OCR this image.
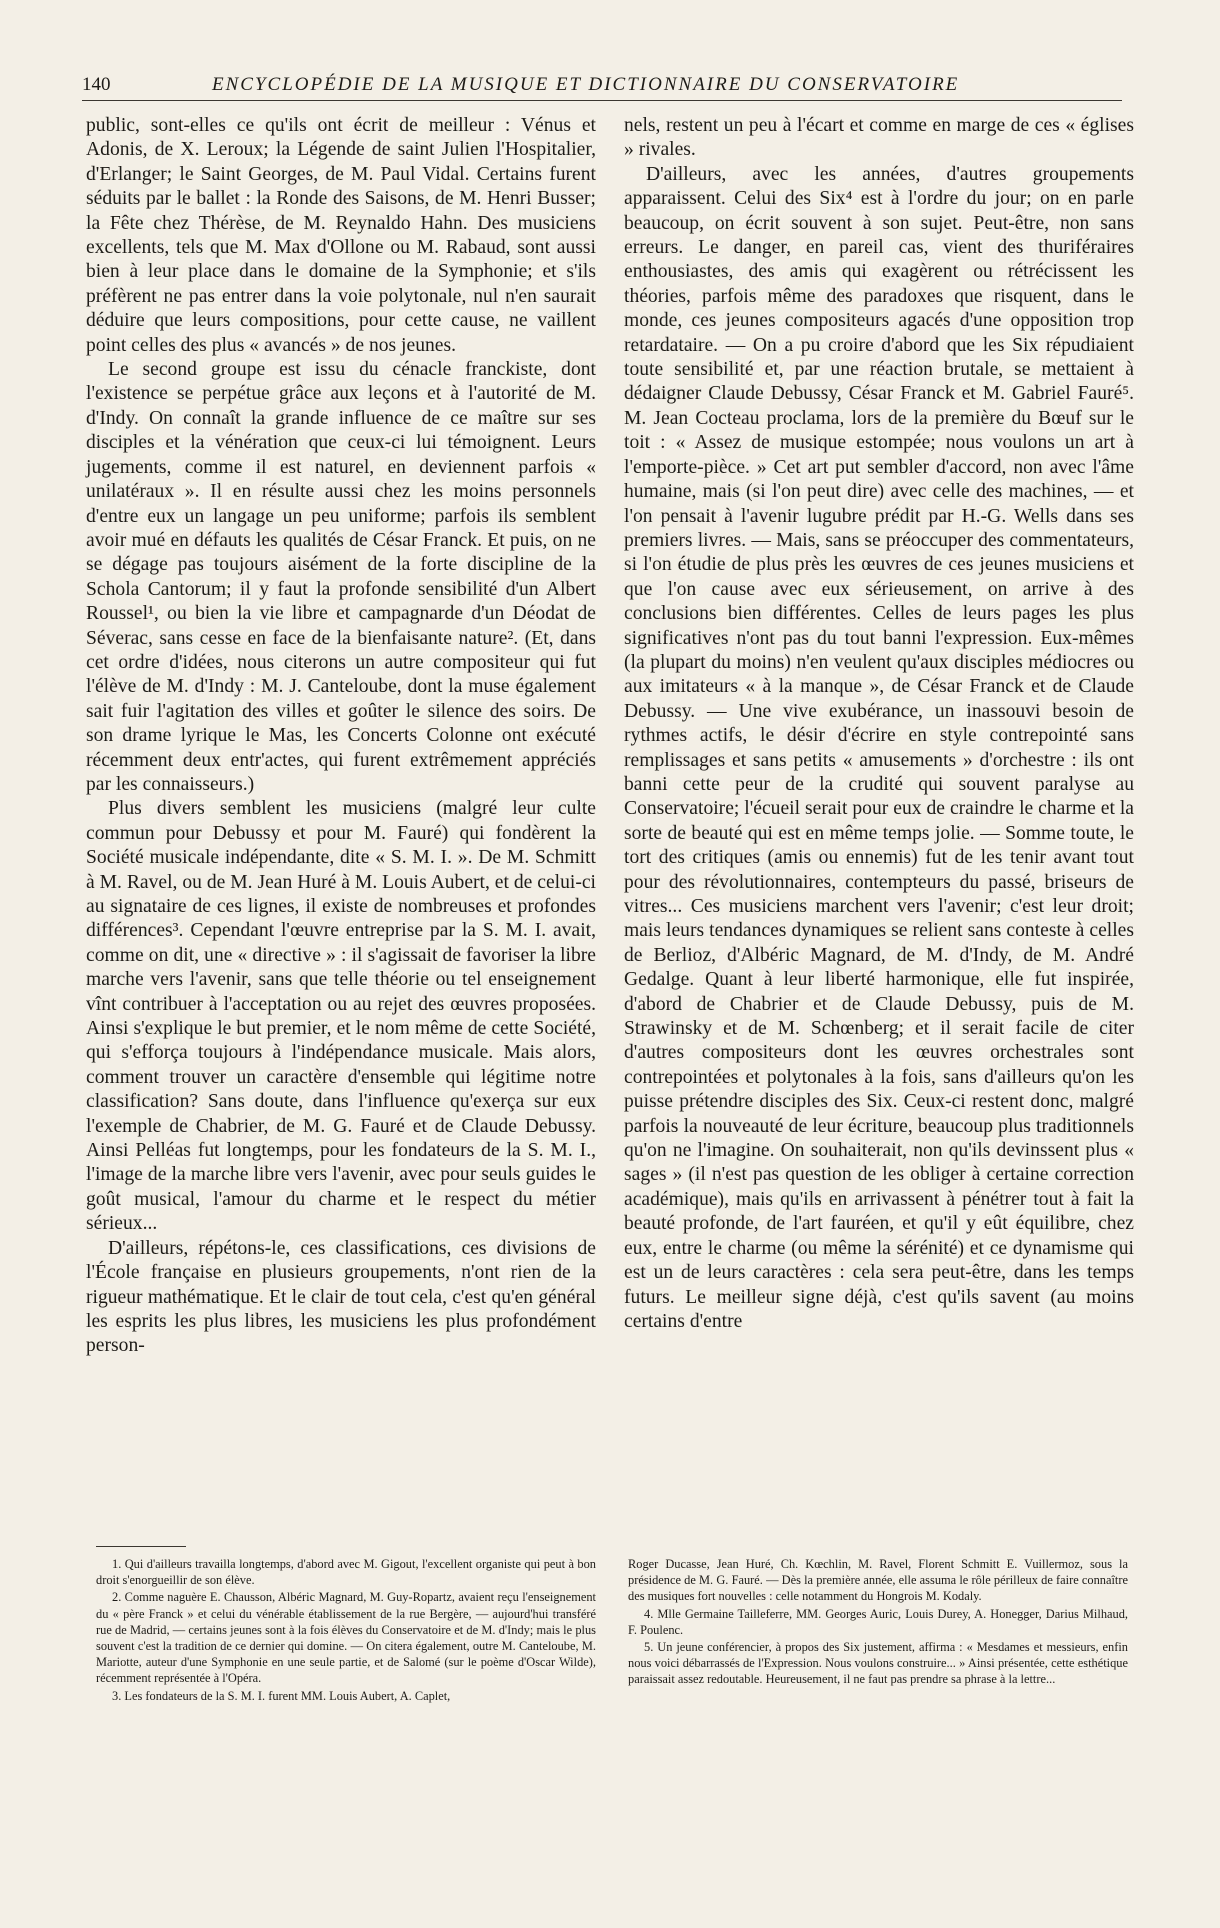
140	ENCYCLOPÉDIE DE LA MUSIQUE ET DICTIONNAIRE DU CONSERVATOIRE

public, sont-elles ce qu'ils ont écrit de meilleur : Vénus et Adonis, de X. Leroux; la Légende de saint Julien l'Hospitalier, d'Erlanger; le Saint Georges, de M. Paul Vidal. Certains furent séduits par le ballet : la Ronde des Saisons, de M. Henri Busser; la Fête chez Thérèse, de M. Reynaldo Hahn. Des musiciens excellents, tels que M. Max d'Ollone ou M. Rabaud, sont aussi bien à leur place dans le domaine de la Symphonie; et s'ils préfèrent ne pas entrer dans la voie polytonale, nul n'en saurait déduire que leurs compositions, pour cette cause, ne vaillent point celles des plus « avancés » de nos jeunes.

Le second groupe est issu du cénacle franckiste, dont l'existence se perpétue grâce aux leçons et à l'autorité de M. d'Indy. On connaît la grande influence de ce maître sur ses disciples et la vénération que ceux-ci lui témoignent. Leurs jugements, comme il est naturel, en deviennent parfois « unilatéraux ». Il en résulte aussi chez les moins personnels d'entre eux un langage un peu uniforme; parfois ils semblent avoir mué en défauts les qualités de César Franck. Et puis, on ne se dégage pas toujours aisément de la forte discipline de la Schola Cantorum; il y faut la profonde sensibilité d'un Albert Roussel¹, ou bien la vie libre et campagnarde d'un Déodat de Séverac, sans cesse en face de la bienfaisante nature². (Et, dans cet ordre d'idées, nous citerons un autre compositeur qui fut l'élève de M. d'Indy : M. J. Canteloube, dont la muse également sait fuir l'agitation des villes et goûter le silence des soirs. De son drame lyrique le Mas, les Concerts Colonne ont exécuté récemment deux entr'actes, qui furent extrêmement appréciés par les connaisseurs.)

Plus divers semblent les musiciens (malgré leur culte commun pour Debussy et pour M. Fauré) qui fondèrent la Société musicale indépendante, dite « S. M. I. ». De M. Schmitt à M. Ravel, ou de M. Jean Huré à M. Louis Aubert, et de celui-ci au signataire de ces lignes, il existe de nombreuses et profondes différences³. Cependant l'œuvre entreprise par la S. M. I. avait, comme on dit, une « directive » : il s'agissait de favoriser la libre marche vers l'avenir, sans que telle théorie ou tel enseignement vînt contribuer à l'acceptation ou au rejet des œuvres proposées. Ainsi s'explique le but premier, et le nom même de cette Société, qui s'efforça toujours à l'indépendance musicale. Mais alors, comment trouver un caractère d'ensemble qui légitime notre classification? Sans doute, dans l'influence qu'exerça sur eux l'exemple de Chabrier, de M. G. Fauré et de Claude Debussy. Ainsi Pelléas fut longtemps, pour les fondateurs de la S. M. I., l'image de la marche libre vers l'avenir, avec pour seuls guides le goût musical, l'amour du charme et le respect du métier sérieux...

D'ailleurs, répétons-le, ces classifications, ces divisions de l'École française en plusieurs groupements, n'ont rien de la rigueur mathématique. Et le clair de tout cela, c'est qu'en général les esprits les plus libres, les musiciens les plus profondément person-

nels, restent un peu à l'écart et comme en marge de ces « églises » rivales.

D'ailleurs, avec les années, d'autres groupements apparaissent. Celui des Six⁴ est à l'ordre du jour; on en parle beaucoup, on écrit souvent à son sujet. Peut-être, non sans erreurs. Le danger, en pareil cas, vient des thuriféraires enthousiastes, des amis qui exagèrent ou rétrécissent les théories, parfois même des paradoxes que risquent, dans le monde, ces jeunes compositeurs agacés d'une opposition trop retardataire. — On a pu croire d'abord que les Six répudiaient toute sensibilité et, par une réaction brutale, se mettaient à dédaigner Claude Debussy, César Franck et M. Gabriel Fauré⁵. M. Jean Cocteau proclama, lors de la première du Bœuf sur le toit : « Assez de musique estompée; nous voulons un art à l'emporte-pièce. » Cet art put sembler d'accord, non avec l'âme humaine, mais (si l'on peut dire) avec celle des machines, — et l'on pensait à l'avenir lugubre prédit par H.-G. Wells dans ses premiers livres. — Mais, sans se préoccuper des commentateurs, si l'on étudie de plus près les œuvres de ces jeunes musiciens et que l'on cause avec eux sérieusement, on arrive à des conclusions bien différentes. Celles de leurs pages les plus significatives n'ont pas du tout banni l'expression. Eux-mêmes (la plupart du moins) n'en veulent qu'aux disciples médiocres ou aux imitateurs « à la manque », de César Franck et de Claude Debussy. — Une vive exubérance, un inassouvi besoin de rythmes actifs, le désir d'écrire en style contrepointé sans remplissages et sans petits « amusements » d'orchestre : ils ont banni cette peur de la crudité qui souvent paralyse au Conservatoire; l'écueil serait pour eux de craindre le charme et la sorte de beauté qui est en même temps jolie. — Somme toute, le tort des critiques (amis ou ennemis) fut de les tenir avant tout pour des révolutionnaires, contempteurs du passé, briseurs de vitres... Ces musiciens marchent vers l'avenir; c'est leur droit; mais leurs tendances dynamiques se relient sans conteste à celles de Berlioz, d'Albéric Magnard, de M. d'Indy, de M. André Gedalge. Quant à leur liberté harmonique, elle fut inspirée, d'abord de Chabrier et de Claude Debussy, puis de M. Strawinsky et de M. Schœnberg; et il serait facile de citer d'autres compositeurs dont les œuvres orchestrales sont contrepointées et polytonales à la fois, sans d'ailleurs qu'on les puisse prétendre disciples des Six. Ceux-ci restent donc, malgré parfois la nouveauté de leur écriture, beaucoup plus traditionnels qu'on ne l'imagine. On souhaiterait, non qu'ils devinssent plus « sages » (il n'est pas question de les obliger à certaine correction académique), mais qu'ils en arrivassent à pénétrer tout à fait la beauté profonde, de l'art fauréen, et qu'il y eût équilibre, chez eux, entre le charme (ou même la sérénité) et ce dynamisme qui est un de leurs caractères : cela sera peut-être, dans les temps futurs. Le meilleur signe déjà, c'est qu'ils savent (au moins certains d'entre

1. Qui d'ailleurs travailla longtemps, d'abord avec M. Gigout, l'excellent organiste qui peut à bon droit s'enorgueillir de son élève.

2. Comme naguère E. Chausson, Albéric Magnard, M. Guy-Ropartz, avaient reçu l'enseignement du « père Franck » et celui du vénérable établissement de la rue Bergère, — aujourd'hui transféré rue de Madrid, — certains jeunes sont à la fois élèves du Conservatoire et de M. d'Indy; mais le plus souvent c'est la tradition de ce dernier qui domine. — On citera également, outre M. Canteloube, M. Mariotte, auteur d'une Symphonie en une seule partie, et de Salomé (sur le poème d'Oscar Wilde), récemment représentée à l'Opéra.

3. Les fondateurs de la S. M. I. furent MM. Louis Aubert, A. Caplet,

Roger Ducasse, Jean Huré, Ch. Kœchlin, M. Ravel, Florent Schmitt E. Vuillermoz, sous la présidence de M. G. Fauré. — Dès la première année, elle assuma le rôle périlleux de faire connaître des musiques fort nouvelles : celle notamment du Hongrois M. Kodaly.

4. Mlle Germaine Tailleferre, MM. Georges Auric, Louis Durey, A. Honegger, Darius Milhaud, F. Poulenc.

5. Un jeune conférencier, à propos des Six justement, affirma : « Mesdames et messieurs, enfin nous voici débarrassés de l'Expression. Nous voulons construire... » Ainsi présentée, cette esthétique paraissait assez redoutable. Heureusement, il ne faut pas prendre sa phrase à la lettre...
